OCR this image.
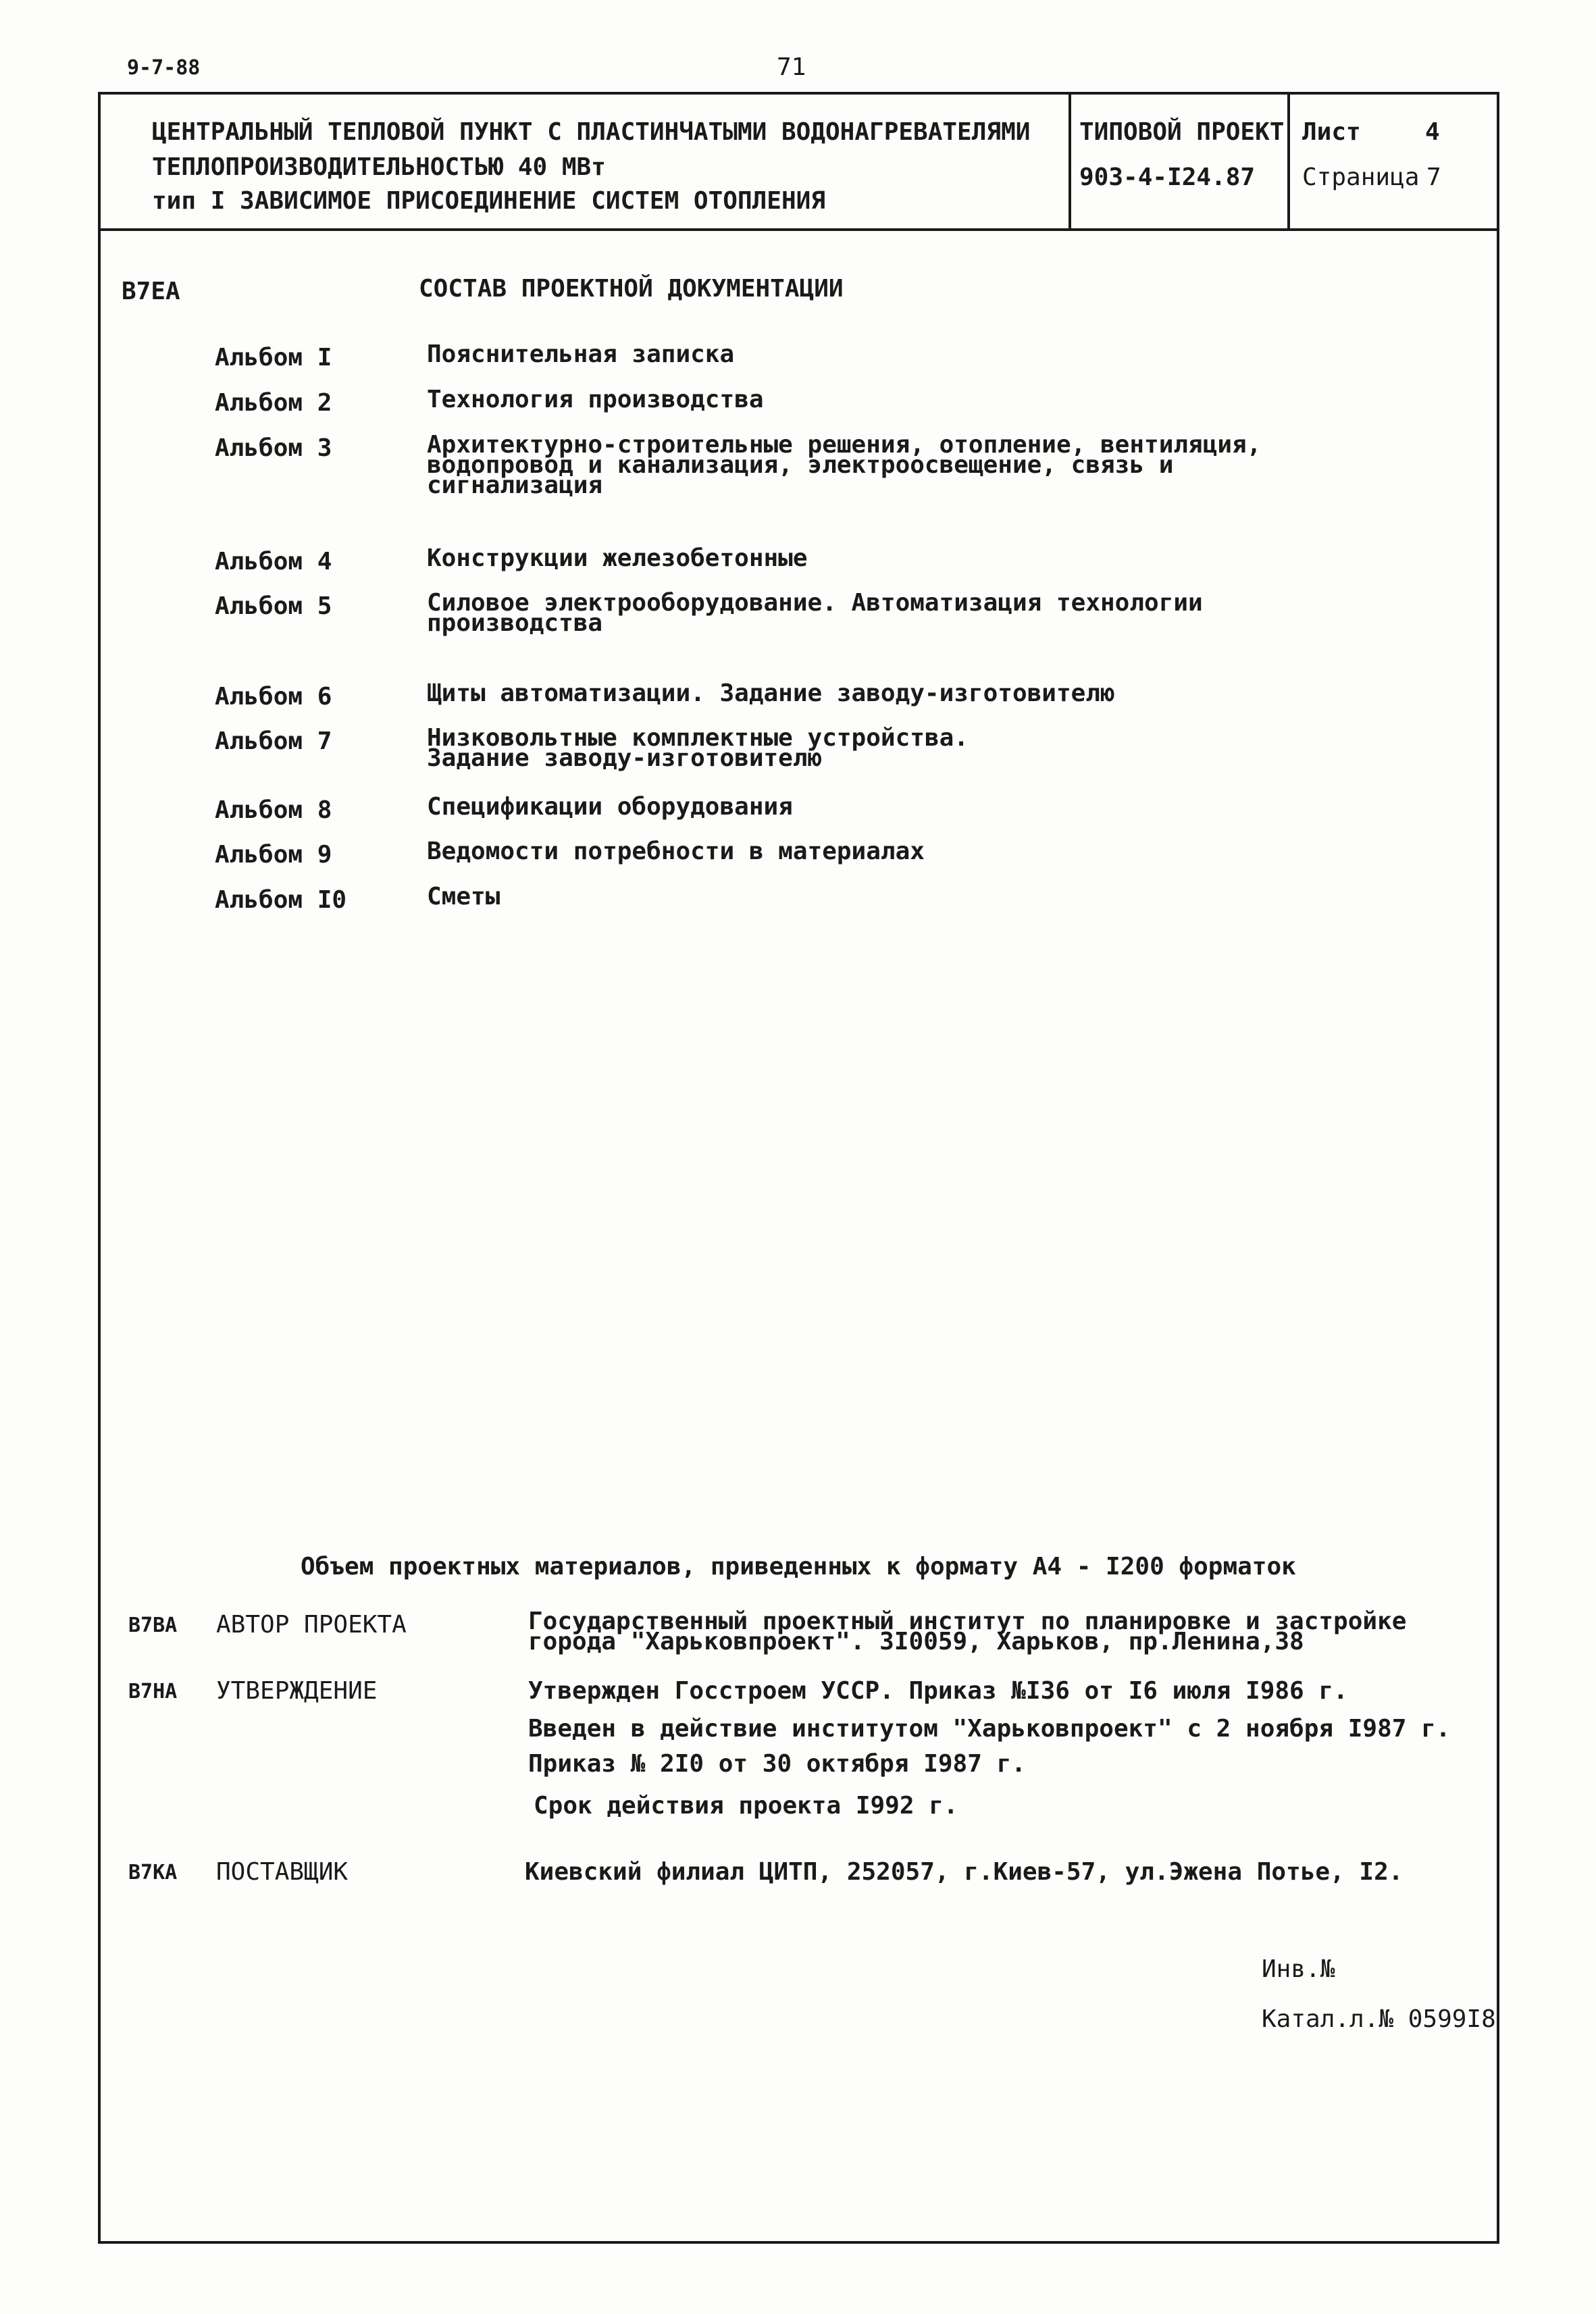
9-7-88	71
ЦЕНТРАЛЬНЫЙ ТЕПЛОВОЙ ПУНКТ С ПЛАСТИНЧАТЫМИ ВОДОНАГРЕВАТЕЛЯМИ
ТЕПЛОПРОИЗВОДИТЕЛЬНОСТЬЮ 40 МВт
тип I ЗАВИСИМОЕ ПРИСОЕДИНЕНИЕ СИСТЕМ ОТОПЛЕНИЯ
ТИПОВОЙ ПРОЕКТ
903-4-I24.87
Лист	4
Страница 7
B7EA	СОСТАВ ПРОЕКТНОЙ ДОКУМЕНТАЦИИ
Альбом I	Пояснительная записка
Альбом 2	Технология производства
Альбом 3	Архитектурно-строительные решения, отопление, вентиляция,
водопровод и канализация, электроосвещение, связь и
сигнализация
Альбом 4	Конструкции железобетонные
Альбом 5	Силовое электрооборудование. Автоматизация технологии
производства
Альбом 6	Щиты автоматизации. Задание заводу-изготовителю
Альбом 7	Низковольтные комплектные устройства.
Задание заводу-изготовителю
Альбом 8	Спецификации оборудования
Альбом 9	Ведомости потребности в материалах
Альбом I0	Сметы
Объем проектных материалов, приведенных к формату А4 - I200 форматок
B7BA АВТОР ПРОЕКТА	Государственный проектный институт по планировке и застройке
города "Харьковпроект". 3I0059, Харьков, пр.Ленина,38
B7HA УТВЕРЖДЕНИЕ	Утвержден Госстроем УССР. Приказ №I36 от I6 июля I986 г.
Введен в действие институтом "Харьковпроект" с 2 ноября I987 г.
Приказ № 2I0 от 30 октября I987 г.
Срок действия проекта I992 г.
B7KA ПОСТАВЩИК	Киевский филиал ЦИТП, 252057, г.Киев-57, ул.Эжена Потье, I2.
Инв.№
Катал.л.№ 0599I8
